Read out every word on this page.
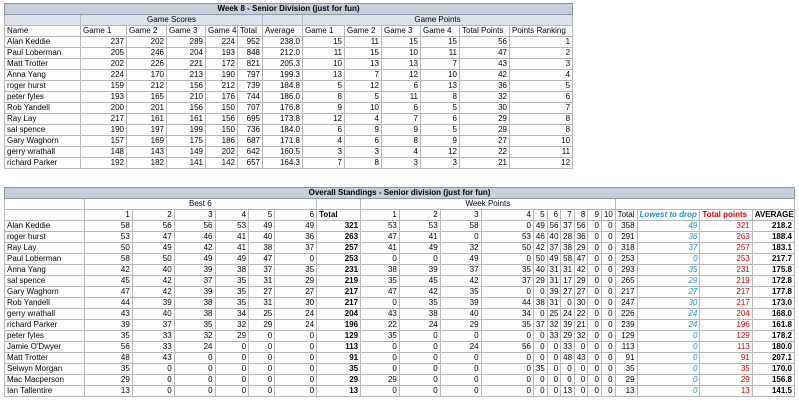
Week 8 - Senior Division (just for fun)												
	Game Scores						Game Points					
Name	Game 1	Game 2	Game 3	Game 4	Total	Average	Game 1	Game 2	Game 3	Game 4	Total Points	Points Ranking
Alan Keddie	237	202	289	224	952	238.0	15	11	15	15	56	1
Paul Loberman	205	246	204	193	848	212.0	11	15	10	11	47	2
Matt Trotter	202	226	221	172	821	205.3	10	13	13	7	43	3
Anna Yang	224	170	213	190	797	199.3	13	7	12	10	42	4
roger hurst	159	212	156	212	739	184.8	5	12	6	13	36	5
peter fyles	193	165	210	176	744	186.0	8	5	11	8	32	6
Rob Yandell	200	201	156	150	707	176.8	9	10	6	5	30	7
Ray Lay	217	161	161	156	695	173.8	12	4	7	6	29	8
sal spence	190	197	199	150	736	184.0	6	9	9	5	29	8
Gary Waghorn	157	169	175	186	687	171.8	4	6	8	9	27	10
gerry wrathall	148	143	149	202	642	160.5	3	3	4	12	22	11
richard Parker	192	182	141	142	657	164.3	7	8	3	3	21	12
Overall Standings - Senior division (just for fun)																					
	Best 6							Week Points													
	1	2	3	4	5	6	Total	1	2	3	4	5	6	7	8	9	10	Total	Lowest to drop	Total points	AVERAGE
Alan Keddie	58	56	56	53	49	49	321	53	53	58	0	49	56	37	56	0	0	358	49	321	218.2
roger hurst	53	47	46	41	40	36	263	47	41	0	53	46	40	28	36	0	0	291	36	263	188.4
Ray Lay	50	49	42	41	38	37	257	41	49	32	50	42	37	38	29	0	0	318	37	257	183.1
Paul Loberman	58	50	49	49	47	0	253	0	0	49	0	50	49	58	47	0	0	253	0	253	217.7
Anna Yang	42	40	39	38	37	35	231	38	39	37	35	40	31	31	42	0	0	293	35	231	175.8
sal spence	45	42	37	35	31	29	219	35	45	42	37	29	31	17	29	0	0	265	29	219	172.8
Gary Waghorn	47	42	39	35	27	27	217	47	42	35	0	0	39	27	27	0	0	217	27	217	177.8
Rob Yandell	44	39	38	35	31	30	217	0	35	39	44	38	31	0	30	0	0	247	30	217	173.0
gerry wrathall	43	40	38	34	25	24	204	43	38	40	34	0	25	24	22	0	0	226	24	204	168.0
richard Parker	39	37	35	32	29	24	196	22	24	29	35	37	32	39	21	0	0	239	24	196	161.8
peter fyles	35	33	32	29	0	0	129	35	0	0	0	0	33	29	32	0	0	129	0	129	178.2
Jamie O'Dwyer	56	33	24	0	0	0	113	0	0	24	56	0	0	33	0	0	0	113	0	113	180.0
Matt Trotter	48	43	0	0	0	0	91	0	0	0	0	0	0	48	43	0	0	91	0	91	207.1
Selwyn Morgan	35	0	0	0	0	0	35	0	0	0	0	35	0	0	0	0	0	35	0	35	170.0
Mac Macperson	29	0	0	0	0	0	29	29	0	0	0	0	0	0	0	0	0	29	0	29	156.8
Ian Tallentire	13	0	0	0	0	0	13	0	0	0	0	0	0	13	0	0	0	13	0	13	141.5
